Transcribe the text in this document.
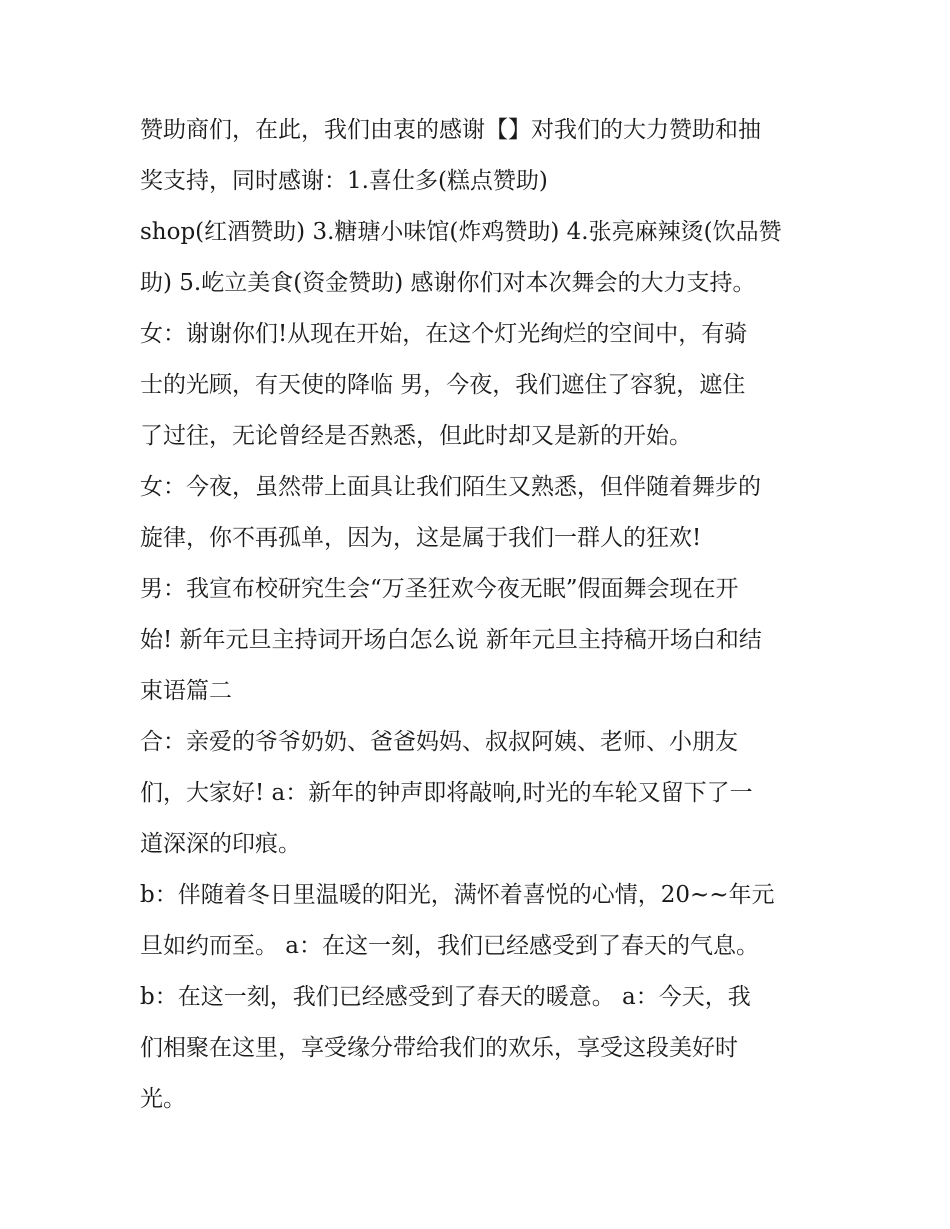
赞助商们，在此，我们由衷的感谢【】对我们的大力赞助和抽
奖支持，同时感谢：1.喜仕多(糕点赞助)

shop(红酒赞助) 3.糖瑭小味馆(炸鸡赞助) 4.张亮麻辣烫(饮品赞
助) 5.屹立美食(资金赞助) 感谢你们对本次舞会的大力支持。

女：谢谢你们!从现在开始，在这个灯光绚烂的空间中，有骑
士的光顾，有天使的降临 男，今夜，我们遮住了容貌，遮住
了过往，无论曾经是否熟悉，但此时却又是新的开始。

女：今夜，虽然带上面具让我们陌生又熟悉，但伴随着舞步的
旋律，你不再孤单，因为，这是属于我们一群人的狂欢!

男：我宣布校研究生会“万圣狂欢今夜无眠”假面舞会现在开
始! 新年元旦主持词开场白怎么说 新年元旦主持稿开场白和结
束语篇二

合：亲爱的爷爷奶奶、爸爸妈妈、叔叔阿姨、老师、小朋友
们，大家好! a：新年的钟声即将敲响,时光的车轮又留下了一
道深深的印痕。

b：伴随着冬日里温暖的阳光，满怀着喜悦的心情，20~~年元
旦如约而至。 a：在这一刻，我们已经感受到了春天的气息。

b：在这一刻，我们已经感受到了春天的暖意。 a：今天，我
们相聚在这里，享受缘分带给我们的欢乐，享受这段美好时
光。
